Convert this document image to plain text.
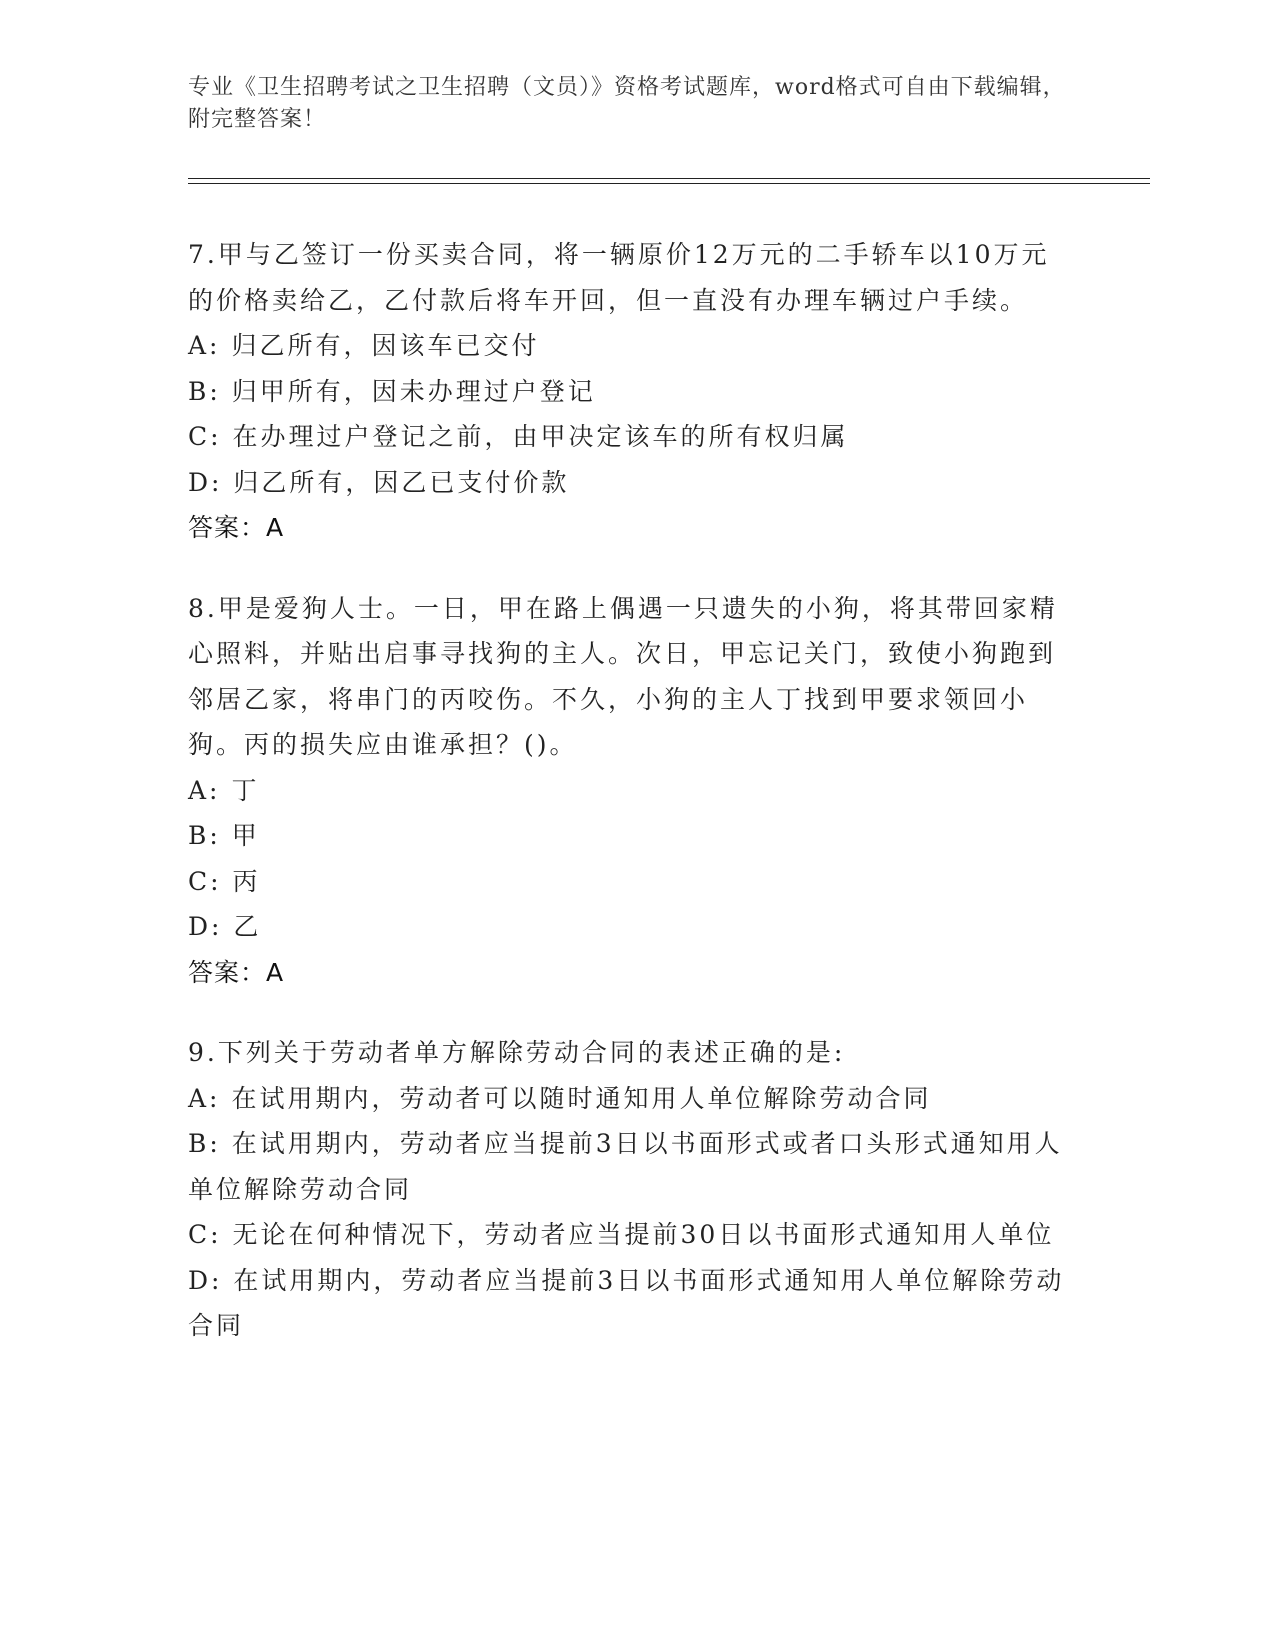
专业《卫生招聘考试之卫生招聘（文员）》资格考试题库，word格式可自由下载编辑，附完整答案！
7.甲与乙签订一份买卖合同，将一辆原价12万元的二手轿车以10万元的价格卖给乙，乙付款后将车开回，但一直没有办理车辆过户手续。
A: 归乙所有，因该车已交付
B: 归甲所有，因未办理过户登记
C: 在办理过户登记之前，由甲决定该车的所有权归属
D: 归乙所有，因乙已支付价款
答案：A
8.甲是爱狗人士。一日，甲在路上偶遇一只遗失的小狗，将其带回家精心照料，并贴出启事寻找狗的主人。次日，甲忘记关门，致使小狗跑到邻居乙家，将串门的丙咬伤。不久，小狗的主人丁找到甲要求领回小狗。丙的损失应由谁承担？()。
A: 丁
B: 甲
C: 丙
D: 乙
答案：A
9.下列关于劳动者单方解除劳动合同的表述正确的是:
A: 在试用期内，劳动者可以随时通知用人单位解除劳动合同
B: 在试用期内，劳动者应当提前3日以书面形式或者口头形式通知用人单位解除劳动合同
C: 无论在何种情况下，劳动者应当提前30日以书面形式通知用人单位
D: 在试用期内，劳动者应当提前3日以书面形式通知用人单位解除劳动合同
